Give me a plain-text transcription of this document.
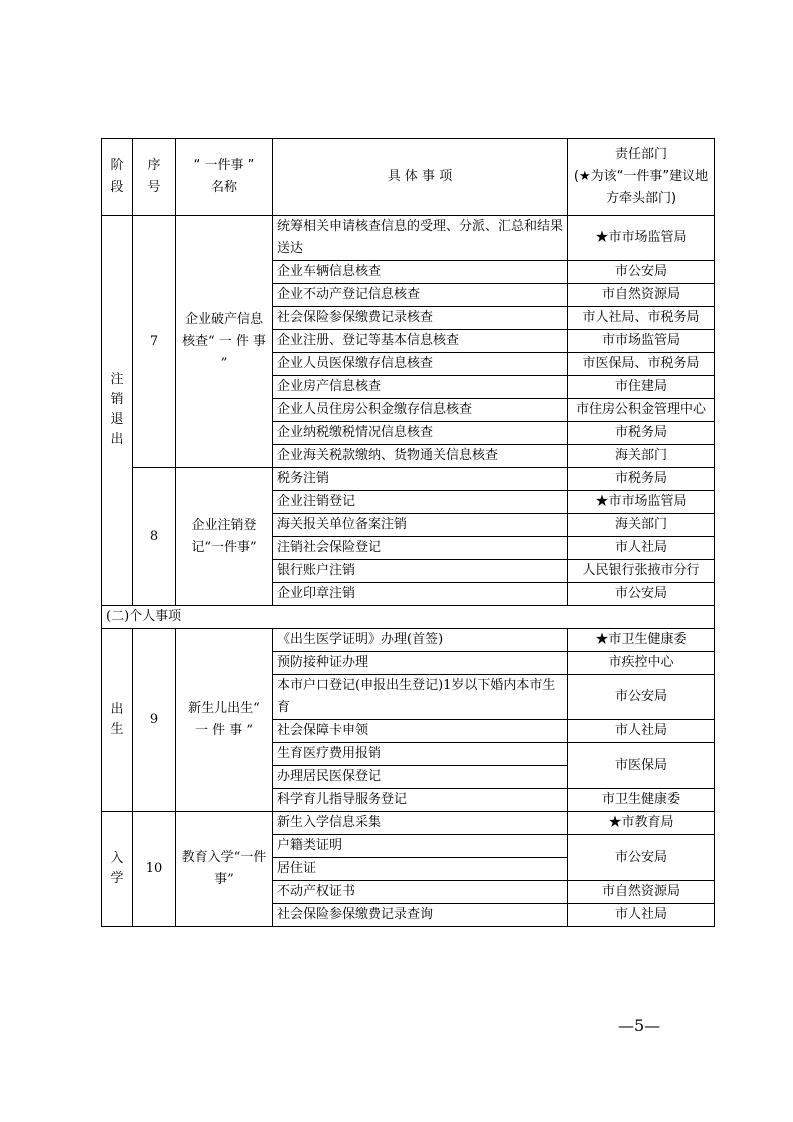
阶段	序号	“ 一件事 ” 名称	具 体 事 项	责任部门
(★为该“一件事”建议地方牵头部门)

注销退出	7	企业破产信息核查“ 一 件 事 ”	统筹相关申请核查信息的受理、分派、汇总和结果送达	★市市场监管局
			企业车辆信息核查	市公安局
			企业不动产登记信息核查	市自然资源局
			社会保险参保缴费记录核查	市人社局、市税务局
			企业注册、登记等基本信息核查	市市场监管局
			企业人员医保缴存信息核查	市医保局、市税务局
			企业房产信息核查	市住建局
			企业人员住房公积金缴存信息核查	市住房公积金管理中心
			企业纳税缴税情况信息核查	市税务局
			企业海关税款缴纳、货物通关信息核查	海关部门
	8	企业注销登记“一件事”	税务注销	市税务局
			企业注销登记	★市市场监管局
			海关报关单位备案注销	海关部门
			注销社会保险登记	市人社局
			银行账户注销	人民银行张掖市分行
			企业印章注销	市公安局
(二)个人事项				
出生	9	新生儿出生“ 一 件 事 ”	《出生医学证明》办理(首签)	★市卫生健康委
			预防接种证办理	市疾控中心
			本市户口登记(申报出生登记)1岁以下婚内本市生育	市公安局
			社会保障卡申领	市人社局
			生育医疗费用报销	市医保局
			办理居民医保登记	
			科学育儿指导服务登记	市卫生健康委
入学	10	教育入学“一件事”	新生入学信息采集	★市教育局
			户籍类证明	市公安局
			居住证	
			不动产权证书	市自然资源局
			社会保险参保缴费记录查询	市人社局
—5—
